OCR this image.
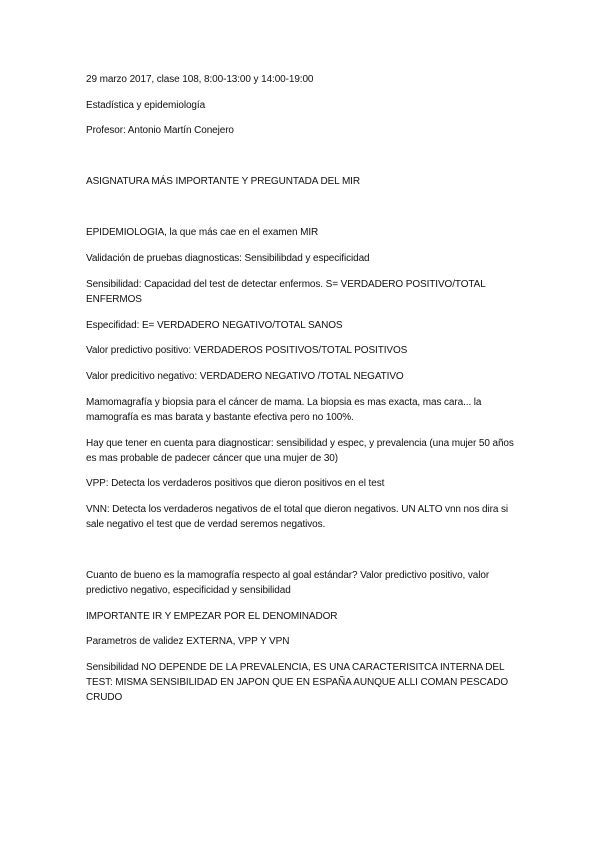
29 marzo 2017, clase 108, 8:00-13:00 y 14:00-19:00
Estadística y epidemiología
Profesor: Antonio Martín Conejero
ASIGNATURA MÁS IMPORTANTE Y PREGUNTADA DEL MIR
EPIDEMIOLOGIA, la que más cae en el examen MIR
Validación de pruebas diagnosticas: Sensibilibdad y especificidad
Sensibilidad: Capacidad del test de detectar enfermos. S= VERDADERO POSITIVO/TOTAL ENFERMOS
Especifidad: E= VERDADERO NEGATIVO/TOTAL SANOS
Valor predictivo positivo: VERDADEROS POSITIVOS/TOTAL POSITIVOS
Valor predicitivo negativo: VERDADERO NEGATIVO /TOTAL NEGATIVO
Mamomagrafía y biopsia para el cáncer de mama. La biopsia es mas exacta, mas cara... la mamografía es mas barata y bastante efectiva pero no 100%.
Hay que tener en cuenta para diagnosticar: sensibilidad y espec, y prevalencia (una mujer 50 años es mas probable de padecer cáncer que una mujer de 30)
VPP: Detecta los verdaderos positivos que dieron positivos en el test
VNN: Detecta los verdaderos negativos de el total que dieron negativos. UN ALTO vnn nos dira si sale negativo el test que de verdad seremos negativos.
Cuanto de bueno es la mamografía respecto al goal estándar? Valor predictivo positivo, valor predictivo negativo, especificidad y sensibilidad
IMPORTANTE IR Y EMPEZAR POR EL DENOMINADOR
Parametros de validez EXTERNA, VPP Y VPN
Sensibilidad NO DEPENDE DE LA PREVALENCIA, ES UNA CARACTERISITCA INTERNA DEL TEST: MISMA SENSIBILIDAD EN JAPON QUE EN ESPAÑA AUNQUE ALLI COMAN PESCADO CRUDO
